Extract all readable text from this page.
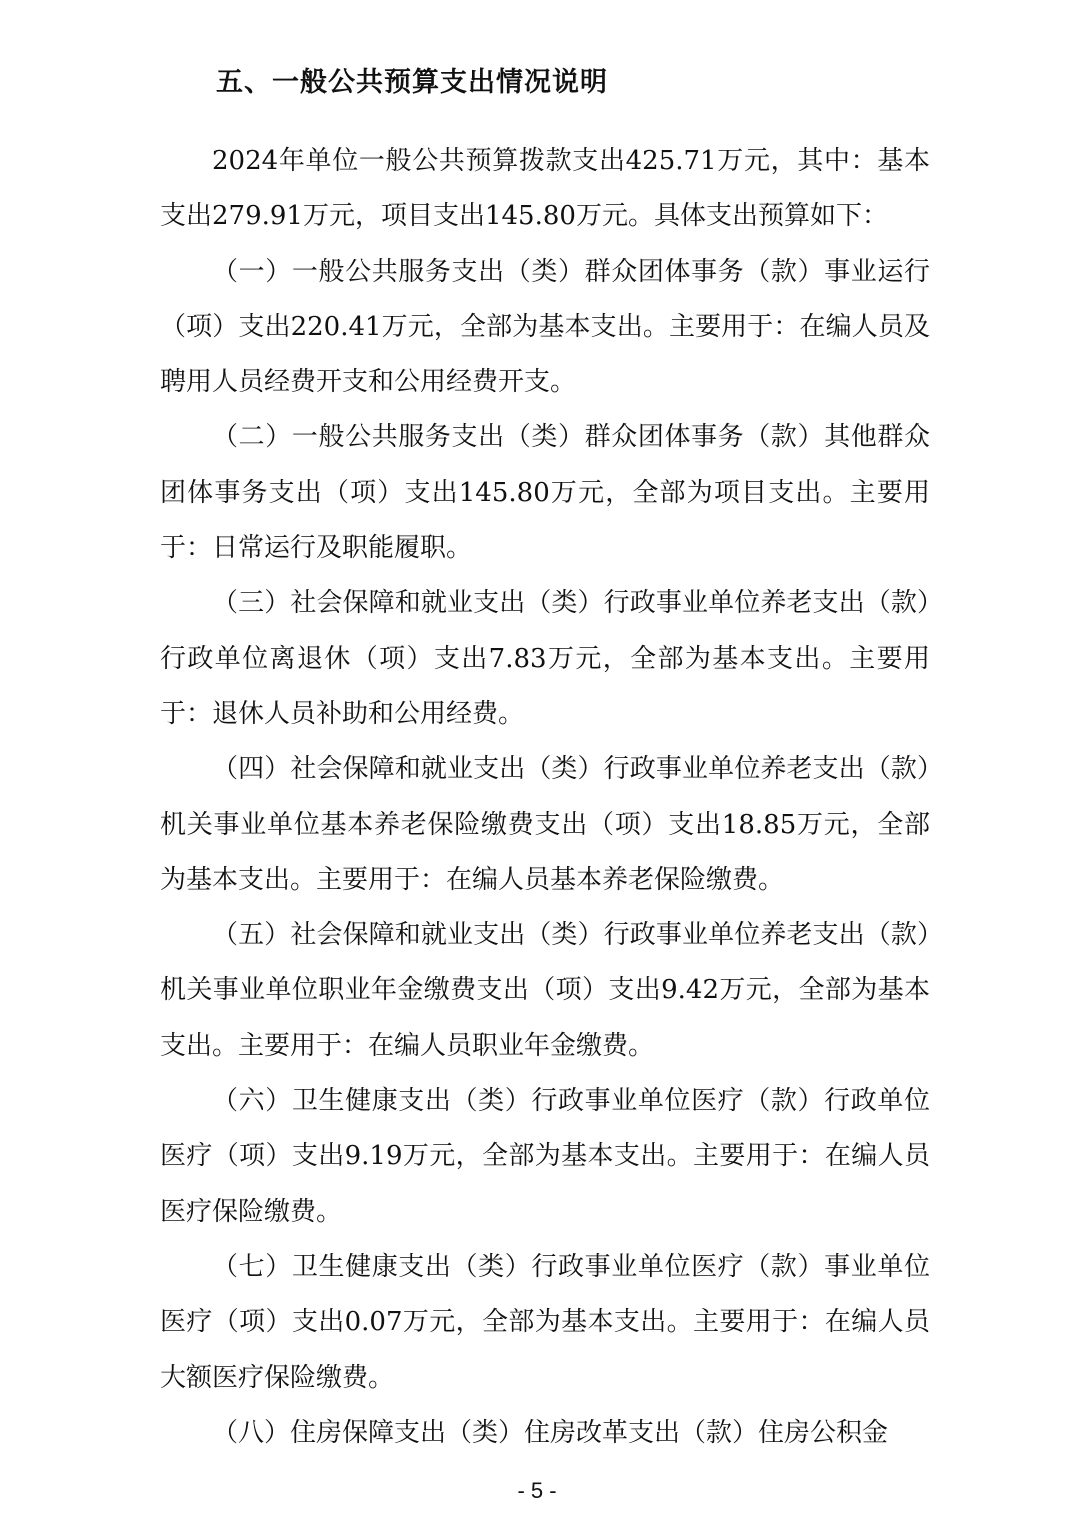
五、一般公共预算支出情况说明

2024年单位一般公共预算拨款支出425.71万元，其中：基本支出279.91万元，项目支出145.80万元。具体支出预算如下：

（一）一般公共服务支出（类）群众团体事务（款）事业运行（项）支出220.41万元，全部为基本支出。主要用于：在编人员及聘用人员经费开支和公用经费开支。

（二）一般公共服务支出（类）群众团体事务（款）其他群众团体事务支出（项）支出145.80万元，全部为项目支出。主要用于：日常运行及职能履职。

（三）社会保障和就业支出（类）行政事业单位养老支出（款）行政单位离退休（项）支出7.83万元，全部为基本支出。主要用于：退休人员补助和公用经费。

（四）社会保障和就业支出（类）行政事业单位养老支出（款）机关事业单位基本养老保险缴费支出（项）支出18.85万元，全部为基本支出。主要用于：在编人员基本养老保险缴费。

（五）社会保障和就业支出（类）行政事业单位养老支出（款）机关事业单位职业年金缴费支出（项）支出9.42万元，全部为基本支出。主要用于：在编人员职业年金缴费。

（六）卫生健康支出（类）行政事业单位医疗（款）行政单位医疗（项）支出9.19万元，全部为基本支出。主要用于：在编人员医疗保险缴费。

（七）卫生健康支出（类）行政事业单位医疗（款）事业单位医疗（项）支出0.07万元，全部为基本支出。主要用于：在编人员大额医疗保险缴费。

（八）住房保障支出（类）住房改革支出（款）住房公积金

- 5 -
